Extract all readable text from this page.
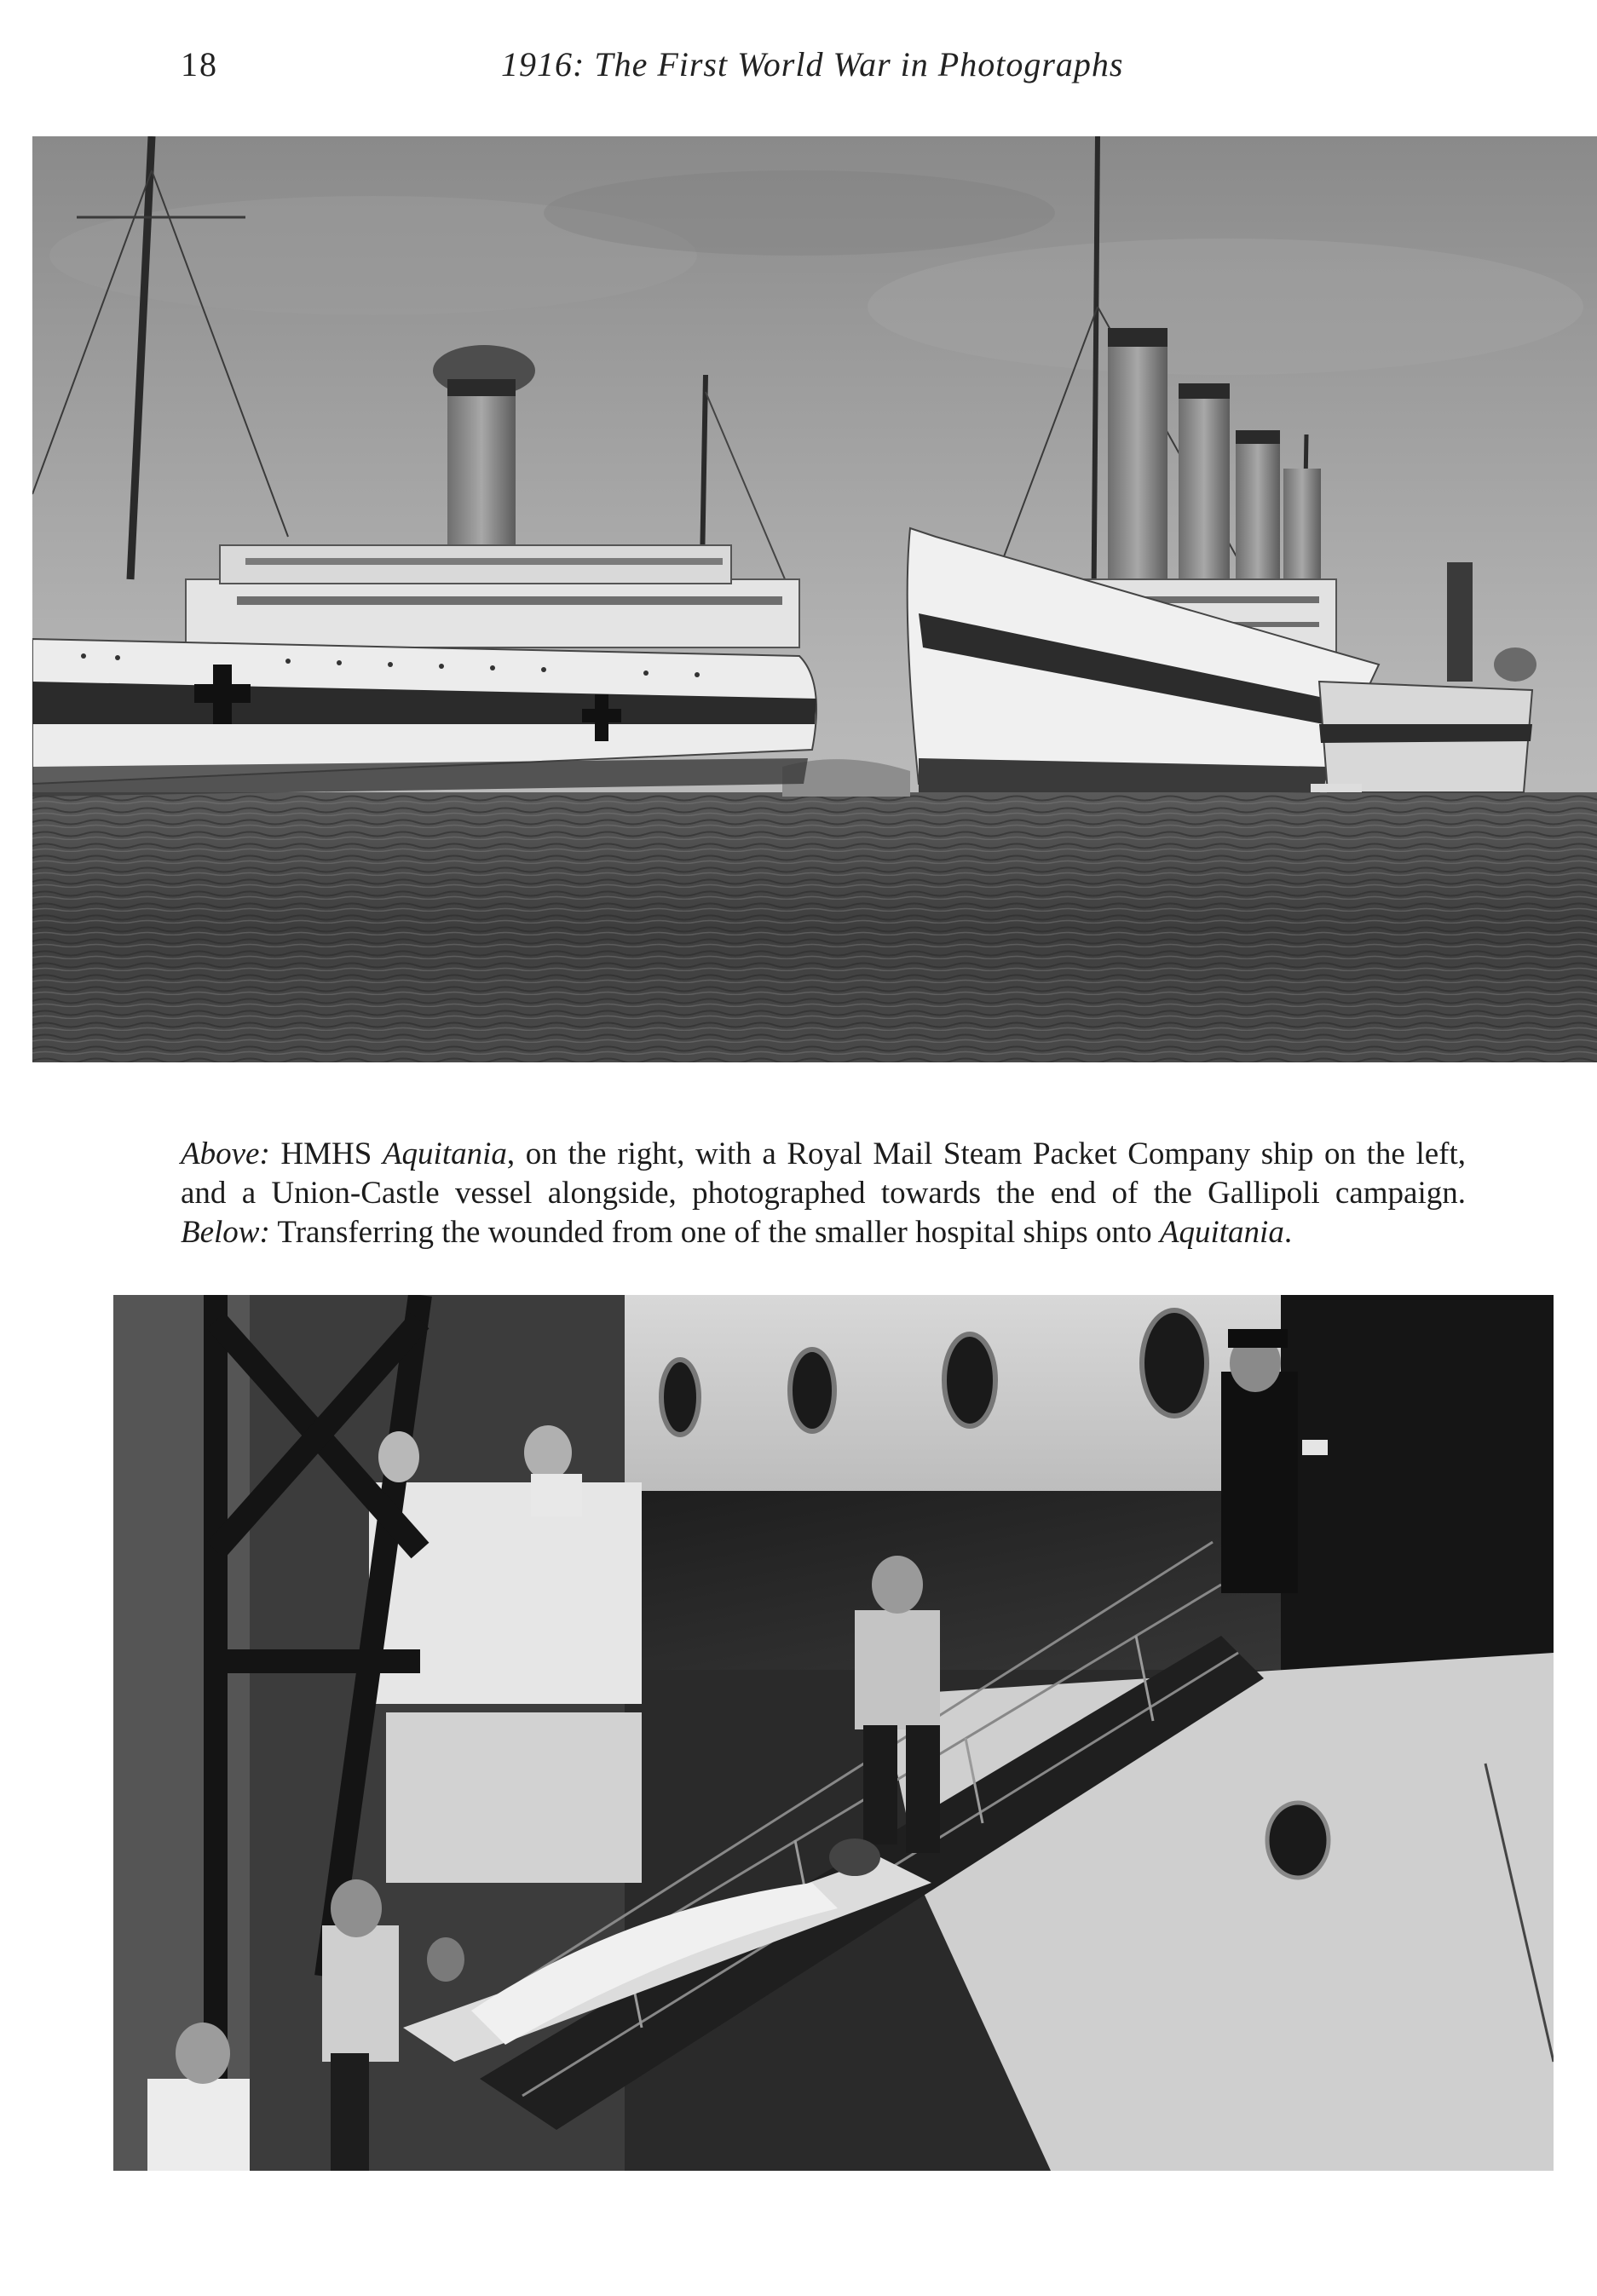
18	1916: The First World War in Photographs

Above: HMHS Aquitania, on the right, with a Royal Mail Steam Packet Company ship on the left, and a Union-Castle vessel alongside, photographed towards the end of the Gallipoli campaign. Below: Transferring the wounded from one of the smaller hospital ships onto Aquitania.
